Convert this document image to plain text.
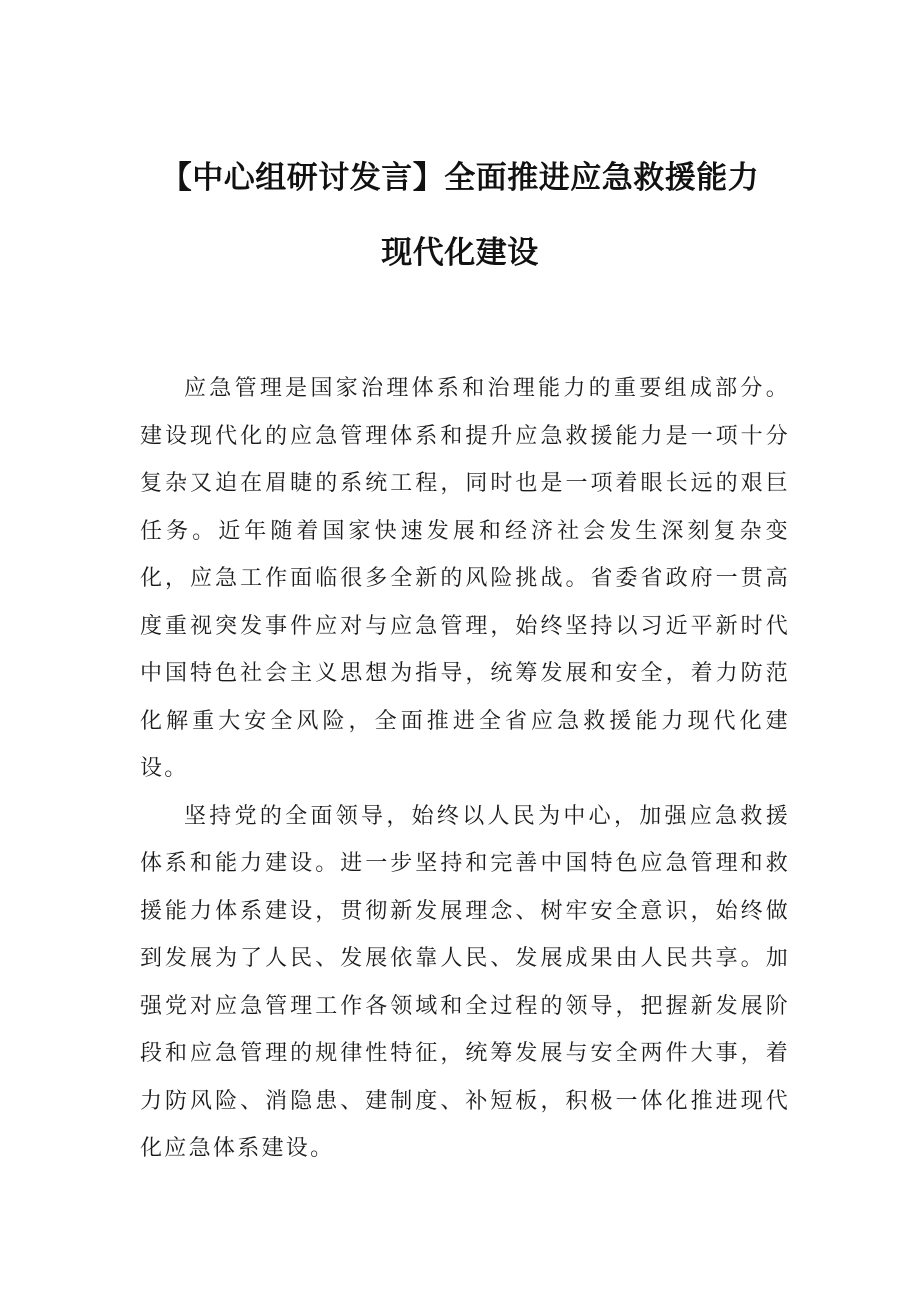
【中心组研讨发言】全面推进应急救援能力
现代化建设

应急管理是国家治理体系和治理能力的重要组成部分。建设现代化的应急管理体系和提升应急救援能力是一项十分复杂又迫在眉睫的系统工程，同时也是一项着眼长远的艰巨任务。近年随着国家快速发展和经济社会发生深刻复杂变化，应急工作面临很多全新的风险挑战。省委省政府一贯高度重视突发事件应对与应急管理，始终坚持以习近平新时代中国特色社会主义思想为指导，统筹发展和安全，着力防范化解重大安全风险，全面推进全省应急救援能力现代化建设。

坚持党的全面领导，始终以人民为中心，加强应急救援体系和能力建设。进一步坚持和完善中国特色应急管理和救援能力体系建设，贯彻新发展理念、树牢安全意识，始终做到发展为了人民、发展依靠人民、发展成果由人民共享。加强党对应急管理工作各领域和全过程的领导，把握新发展阶段和应急管理的规律性特征，统筹发展与安全两件大事，着力防风险、消隐患、建制度、补短板，积极一体化推进现代化应急体系建设。
